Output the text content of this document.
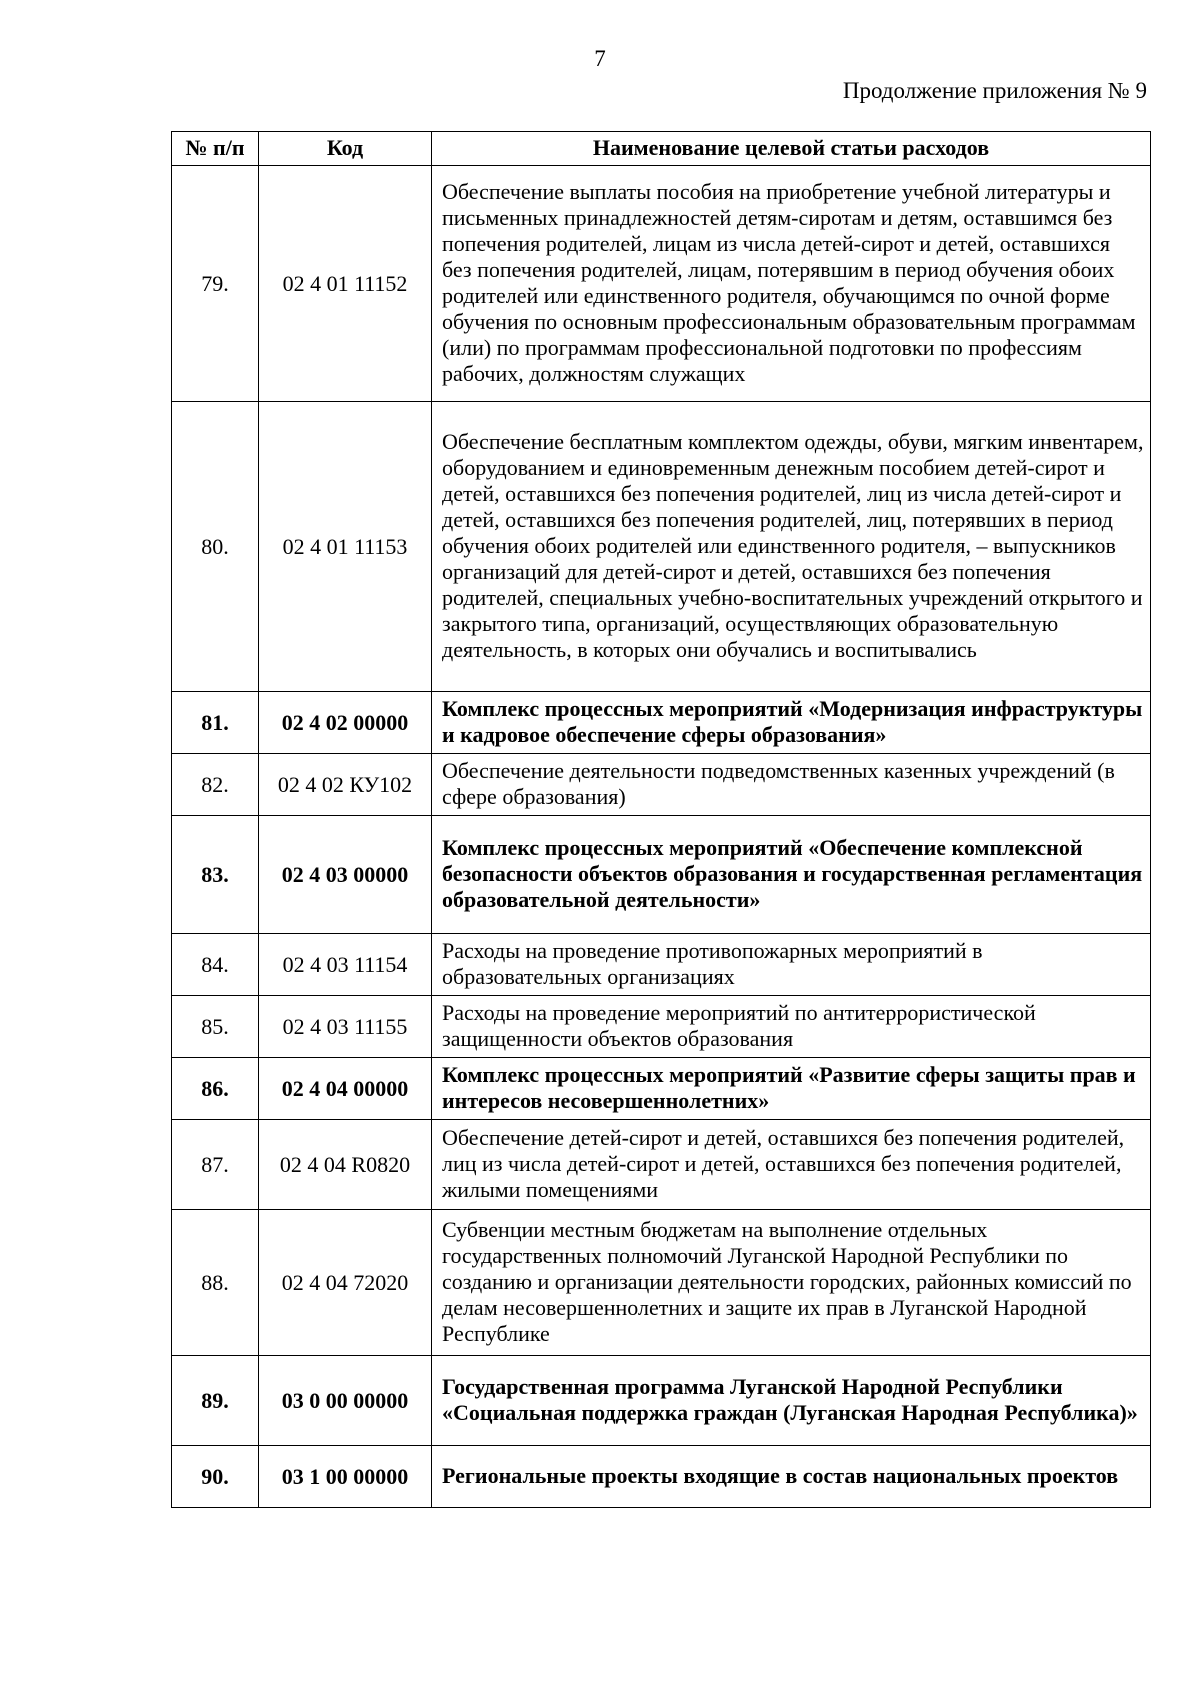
7
Продолжение приложения № 9
№ п/п	Код	Наименование целевой статьи расходов
79.	02 4 01 11152	Обеспечение выплаты пособия на приобретение учебной литературы и письменных принадлежностей детям-сиротам и детям, оставшимся без попечения родителей, лицам из числа детей-сирот и детей, оставшихся без попечения родителей, лицам, потерявшим в период обучения обоих родителей или единственного родителя, обучающимся по очной форме обучения по основным профессиональным образовательным программам (или) по программам профессиональной подготовки по профессиям рабочих, должностям служащих
80.	02 4 01 11153	Обеспечение бесплатным комплектом одежды, обуви, мягким инвентарем, оборудованием и единовременным денежным пособием детей-сирот и детей, оставшихся без попечения родителей, лиц из числа детей-сирот и детей, оставшихся без попечения родителей, лиц, потерявших в период обучения обоих родителей или единственного родителя, – выпускников организаций для детей-сирот и детей, оставшихся без попечения родителей, специальных учебно-воспитательных учреждений открытого и закрытого типа, организаций, осуществляющих образовательную деятельность, в которых они обучались и воспитывались
81.	02 4 02 00000	Комплекс процессных мероприятий «Модернизация инфраструктуры и кадровое обеспечение сферы образования»
82.	02 4 02 КУ102	Обеспечение деятельности подведомственных казенных учреждений (в сфере образования)
83.	02 4 03 00000	Комплекс процессных мероприятий «Обеспечение комплексной безопасности объектов образования и государственная регламентация образовательной деятельности»
84.	02 4 03 11154	Расходы на проведение противопожарных мероприятий в образовательных организациях
85.	02 4 03 11155	Расходы на проведение мероприятий по антитеррористической защищенности объектов образования
86.	02 4 04 00000	Комплекс процессных мероприятий «Развитие сферы защиты прав и интересов несовершеннолетних»
87.	02 4 04 R0820	Обеспечение детей-сирот и детей, оставшихся без попечения родителей, лиц из числа детей-сирот и детей, оставшихся без попечения родителей, жилыми помещениями
88.	02 4 04 72020	Субвенции местным бюджетам на выполнение отдельных государственных полномочий Луганской Народной Республики по созданию и организации деятельности городских, районных комиссий по делам несовершеннолетних и защите их прав в Луганской Народной Республике
89.	03 0 00 00000	Государственная программа Луганской Народной Республики «Социальная поддержка граждан (Луганская Народная Республика)»
90.	03 1 00 00000	Региональные проекты входящие в состав национальных проектов
